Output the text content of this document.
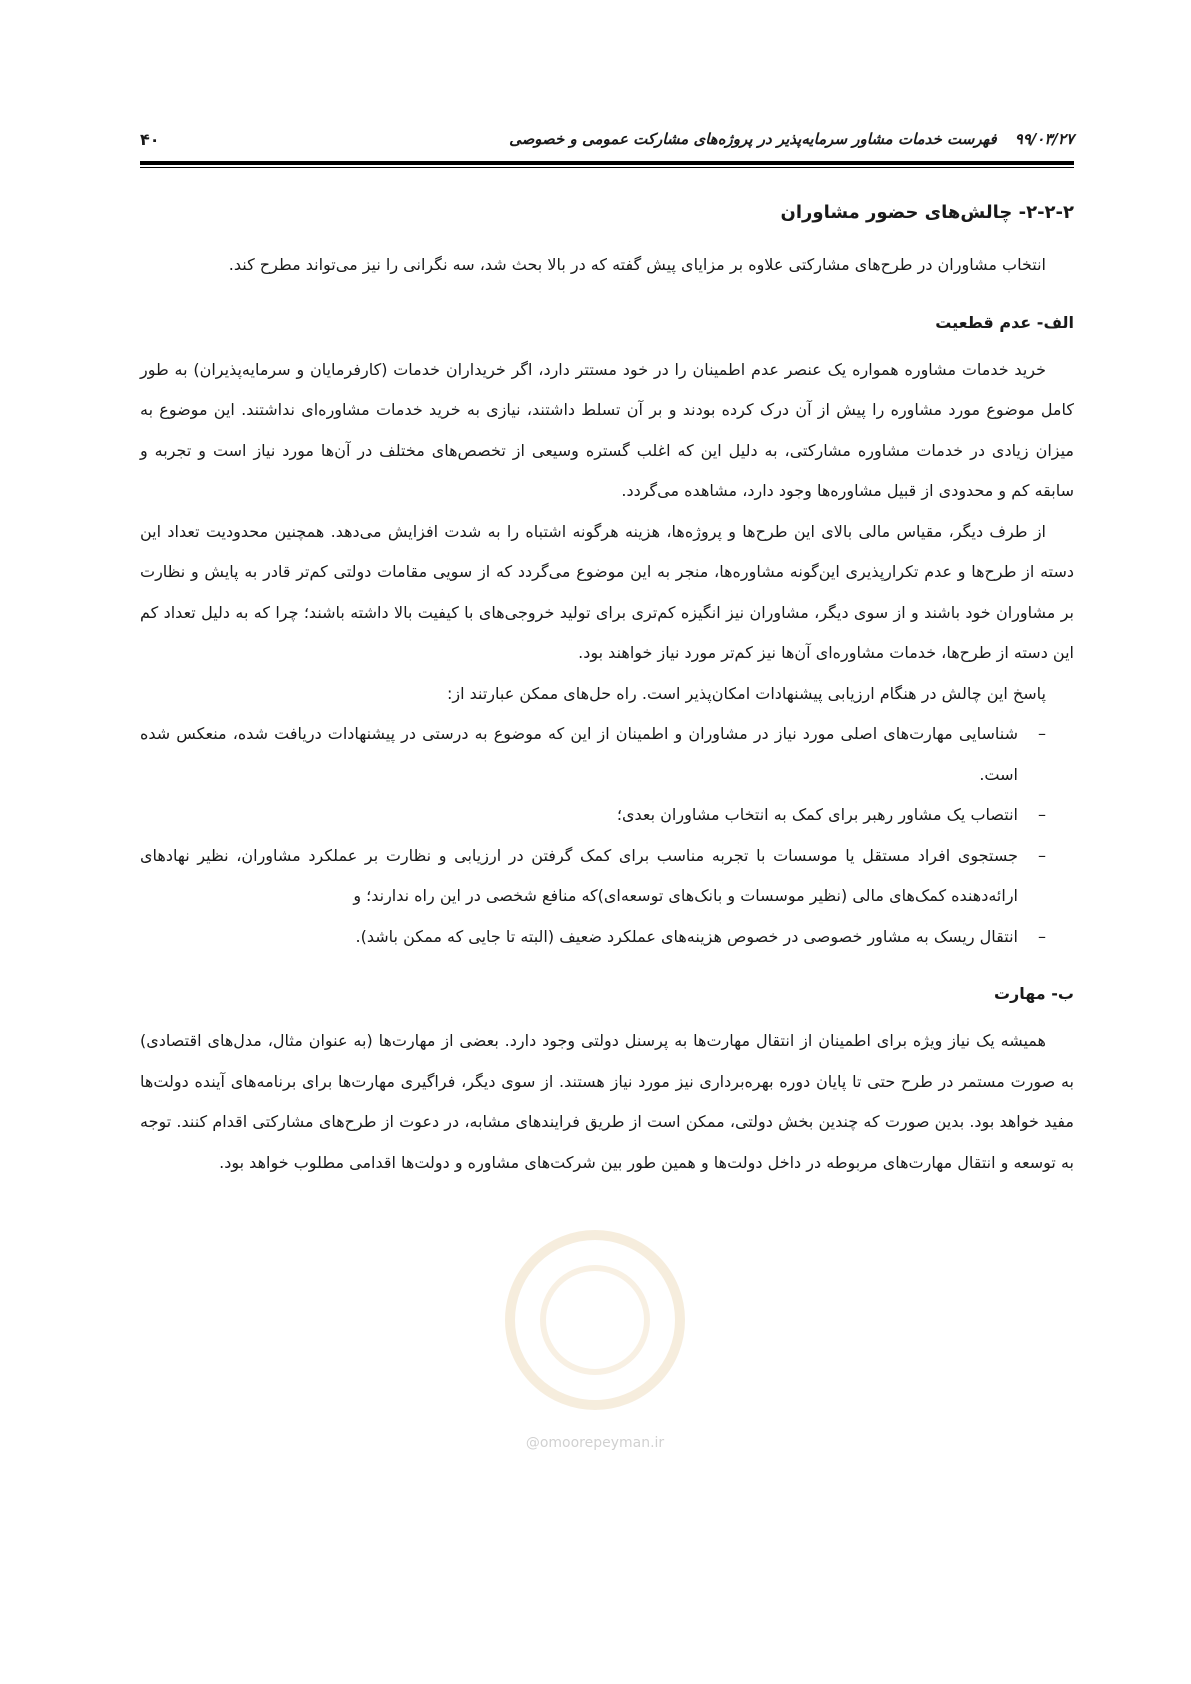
۴۰	۹۹/۰۳/۲۷فهرست خدمات مشاور سرمایه‌پذیر در پروژه‌های مشارکت عمومی و خصوصی
۲-۲-۲- چالش‌های حضور مشاوران

انتخاب مشاوران در طرح‌های مشارکتی علاوه بر مزایای پیش گفته که در بالا بحث شد، سه نگرانی را نیز می‌تواند مطرح کند.

الف- عدم قطعیت

خرید خدمات مشاوره همواره یک عنصر عدم اطمینان را در خود مستتر دارد، اگر خریداران خدمات (کارفرمایان و سرمایه‌پذیران) به طور کامل موضوع مورد مشاوره را پیش از آن درک کرده بودند و بر آن تسلط داشتند، نیازی به خرید خدمات مشاوره‌ای نداشتند. این موضوع به میزان زیادی در خدمات مشاوره مشارکتی، به دلیل این که اغلب گستره وسیعی از تخصص‌های مختلف در آن‌ها مورد نیاز است و تجربه و سابقه کم و محدودی از قبیل مشاوره‌ها وجود دارد، مشاهده می‌گردد.

از طرف دیگر، مقیاس مالی بالای این طرح‌ها و پروژه‌ها، هزینه هرگونه اشتباه را به شدت افزایش می‌دهد. همچنین محدودیت تعداد این دسته از طرح‌ها و عدم تکرارپذیری این‌گونه مشاوره‌ها، منجر به این موضوع می‌گردد که از سویی مقامات دولتی کم‌تر قادر به پایش و نظارت بر مشاوران خود باشند و از سوی دیگر، مشاوران نیز انگیزه کم‌تری برای تولید خروجی‌های با کیفیت بالا داشته باشند؛ چرا که به دلیل تعداد کم این دسته از طرح‌ها، خدمات مشاوره‌ای آن‌ها نیز کم‌تر مورد نیاز خواهند بود.

پاسخ این چالش در هنگام ارزیابی پیشنهادات امکان‌پذیر است. راه حل‌های ممکن عبارتند از:

– شناسایی مهارت‌های اصلی مورد نیاز در مشاوران و اطمینان از این که موضوع به درستی در پیشنهادات دریافت شده، منعکس شده است.
– انتصاب یک مشاور رهبر برای کمک به انتخاب مشاوران بعدی؛
– جستجوی افراد مستقل یا موسسات با تجربه مناسب برای کمک گرفتن در ارزیابی و نظارت بر عملکرد مشاوران، نظیر نهادهای ارائه‌دهنده کمک‌های مالی (نظیر موسسات و بانک‌های توسعه‌ای)که منافع شخصی در این راه ندارند؛ و
– انتقال ریسک به مشاور خصوصی در خصوص هزینه‌های عملکرد ضعیف (البته تا جایی که ممکن باشد).
ب- مهارت

همیشه یک نیاز ویژه برای اطمینان از انتقال مهارت‌ها به پرسنل دولتی وجود دارد. بعضی از مهارت‌ها (به عنوان مثال، مدل‌های اقتصادی) به صورت مستمر در طرح حتی تا پایان دوره بهره‌برداری نیز مورد نیاز هستند. از سوی دیگر، فراگیری مهارت‌ها برای برنامه‌های آینده دولت‌ها مفید خواهد بود. بدین صورت که چندین بخش دولتی، ممکن است از طریق فرایندهای مشابه، در دعوت از طرح‌های مشارکتی اقدام کنند. توجه به توسعه و انتقال مهارت‌های مربوطه در داخل دولت‌ها و همین طور بین شرکت‌های مشاوره و دولت‌ها اقدامی مطلوب خواهد بود.

@omoorepeyman.ir
